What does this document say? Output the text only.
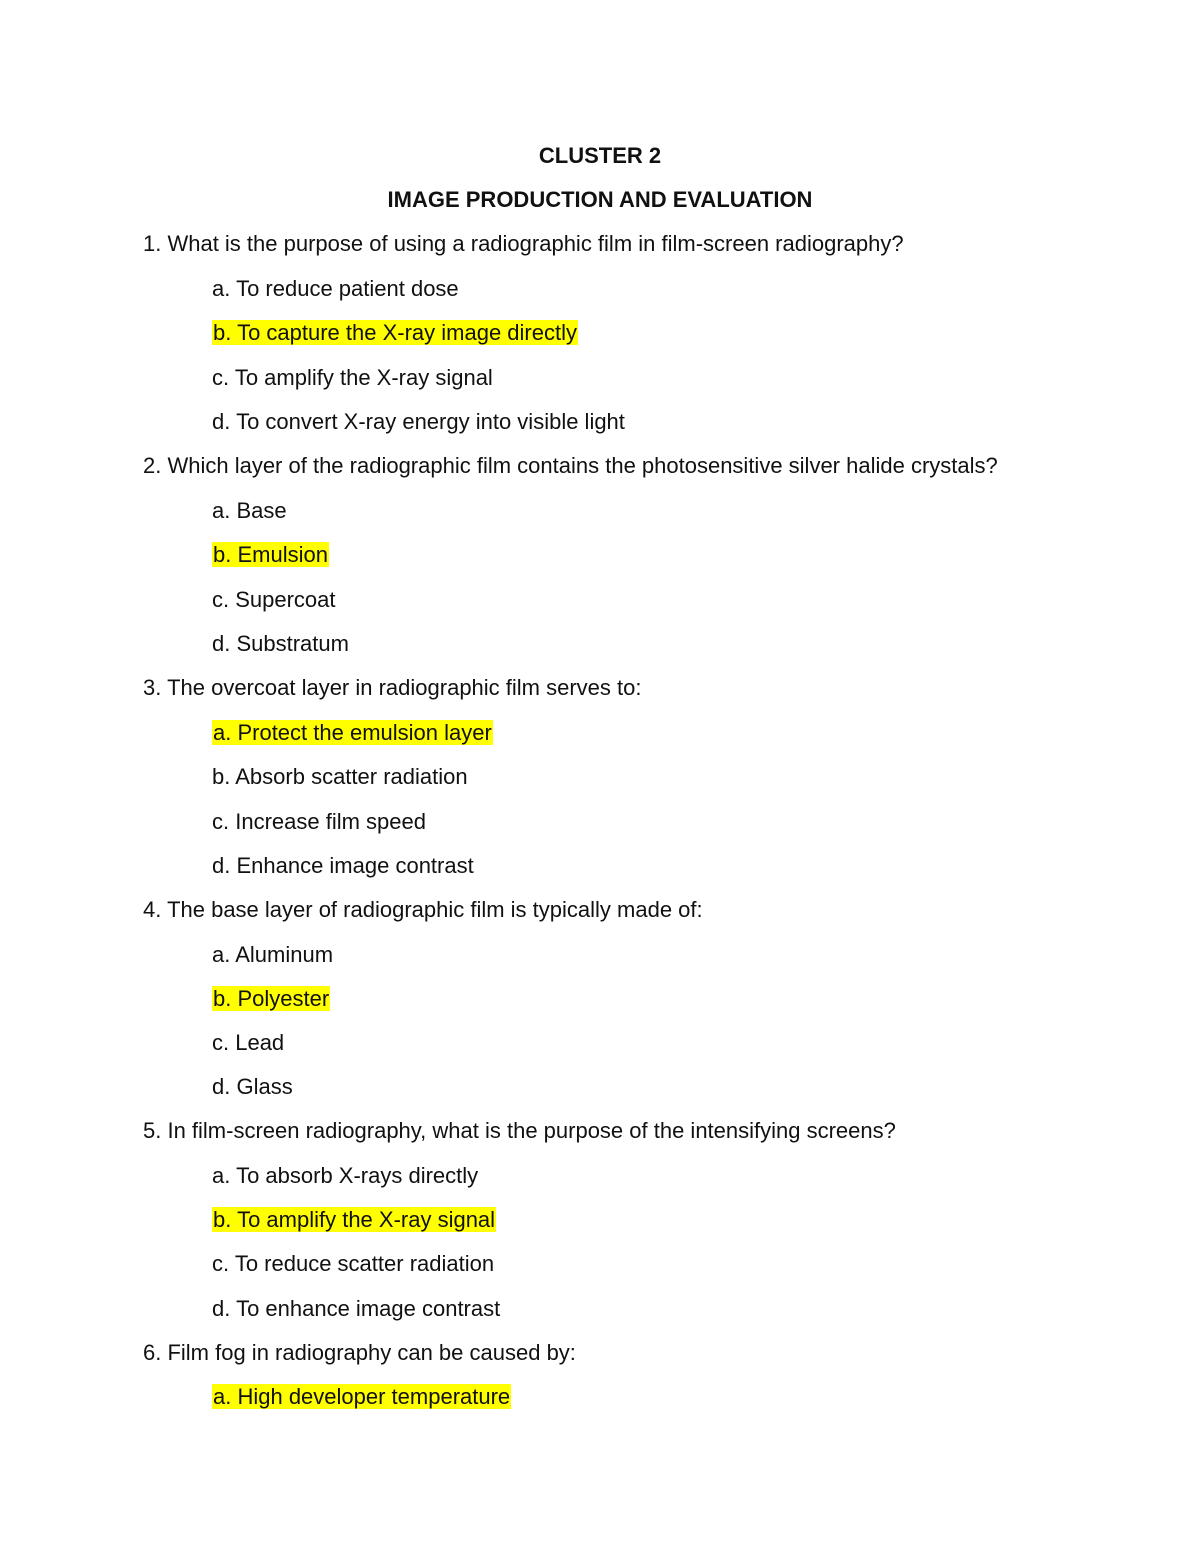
CLUSTER 2
IMAGE PRODUCTION AND EVALUATION
1. What is the purpose of using a radiographic film in film-screen radiography?
a. To reduce patient dose
b. To capture the X-ray image directly
c. To amplify the X-ray signal
d. To convert X-ray energy into visible light
2. Which layer of the radiographic film contains the photosensitive silver halide crystals?
a. Base
b. Emulsion
c. Supercoat
d. Substratum
3. The overcoat layer in radiographic film serves to:
a. Protect the emulsion layer
b. Absorb scatter radiation
c. Increase film speed
d. Enhance image contrast
4. The base layer of radiographic film is typically made of:
a. Aluminum
b. Polyester
c. Lead
d. Glass
5. In film-screen radiography, what is the purpose of the intensifying screens?
a. To absorb X-rays directly
b. To amplify the X-ray signal
c. To reduce scatter radiation
d. To enhance image contrast
6. Film fog in radiography can be caused by:
a. High developer temperature
